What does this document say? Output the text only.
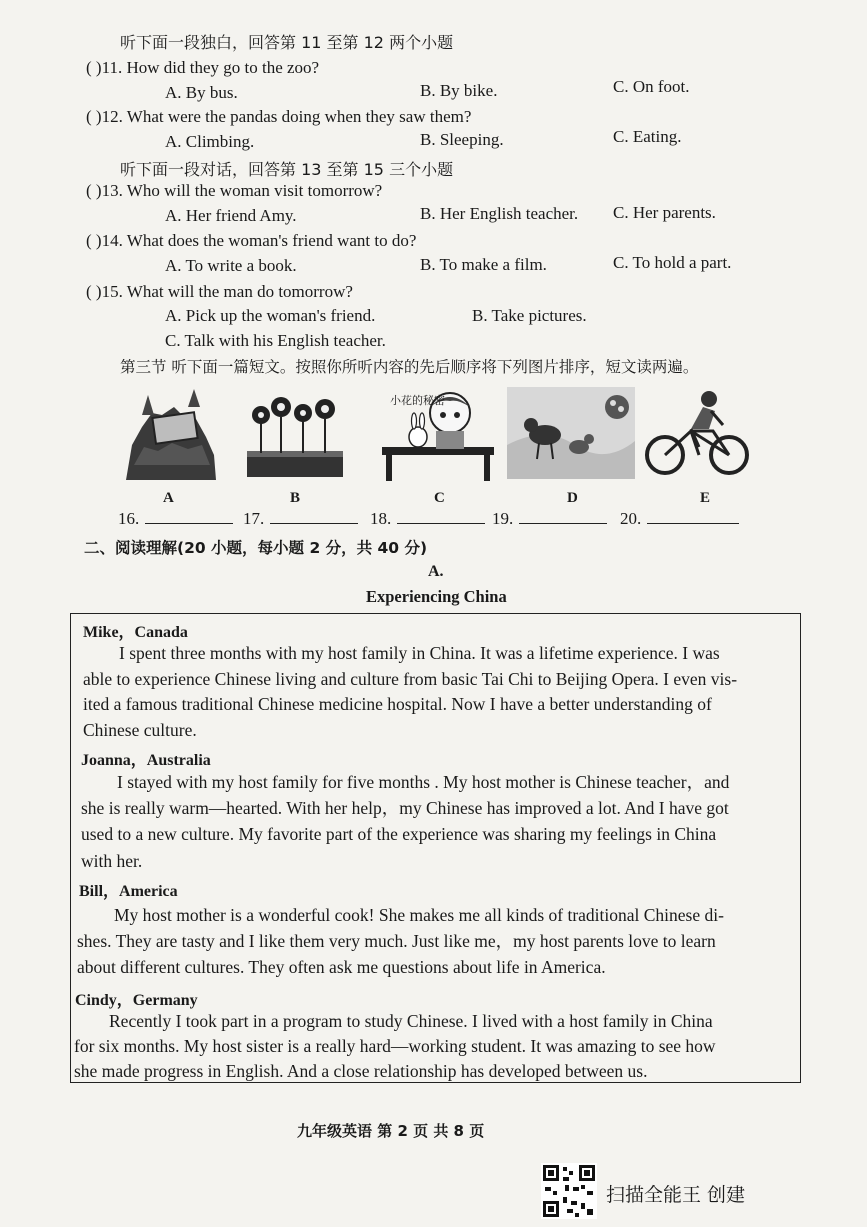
听下面一段独白，回答第 11 至第 12 两个小题
( )11. How did they go to the zoo?
A. By bus.	B. By bike.	C. On foot.
( )12. What were the pandas doing when they saw them?
A. Climbing.	B. Sleeping.	C. Eating.
听下面一段对话，回答第 13 至第 15 三个小题
( )13. Who will the woman visit tomorrow?
A. Her friend Amy.	B. Her English teacher. C. Her parents.
( )14. What does the woman's friend want to do?
A. To write a book.	B. To make a film.	C. To hold a part.
( )15. What will the man do tomorrow?
A. Pick up the woman's friend.	B. Take pictures.
C. Talk with his English teacher.
第三节 听下面一篇短文。按照你所听内容的先后顺序将下列图片排序，短文读两遍。
A	B
小花的秘密
C	D	E
16.	17.	18.	19.	20.
二、阅读理解(20 小题，每小题 2 分，共 40 分)
A.
Experiencing China
Mike，Canada
I spent three months with my host family in China. It was a lifetime experience. I was
able to experience Chinese living and culture from basic Tai Chi to Beijing Opera. I even vis-
ited a famous traditional Chinese medicine hospital. Now I have a better understanding of
Chinese culture.
Joanna，Australia
I stayed with my host family for five months . My host mother is Chinese teacher，and
she is really warm—hearted. With her help，my Chinese has improved a lot. And I have got
used to a new culture. My favorite part of the experience was sharing my feelings in China
with her.
Bill，America
My host mother is a wonderful cook! She makes me all kinds of traditional Chinese di-
shes. They are tasty and I like them very much. Just like me，my host parents love to learn
about different cultures. They often ask me questions about life in America.
Cindy，Germany
Recently I took part in a program to study Chinese. I lived with a host family in China
for six months. My host sister is a really hard—working student. It was amazing to see how
she made progress in English. And a close relationship has developed between us.
九年级英语 第 2 页 共 8 页
扫描全能王 创建
